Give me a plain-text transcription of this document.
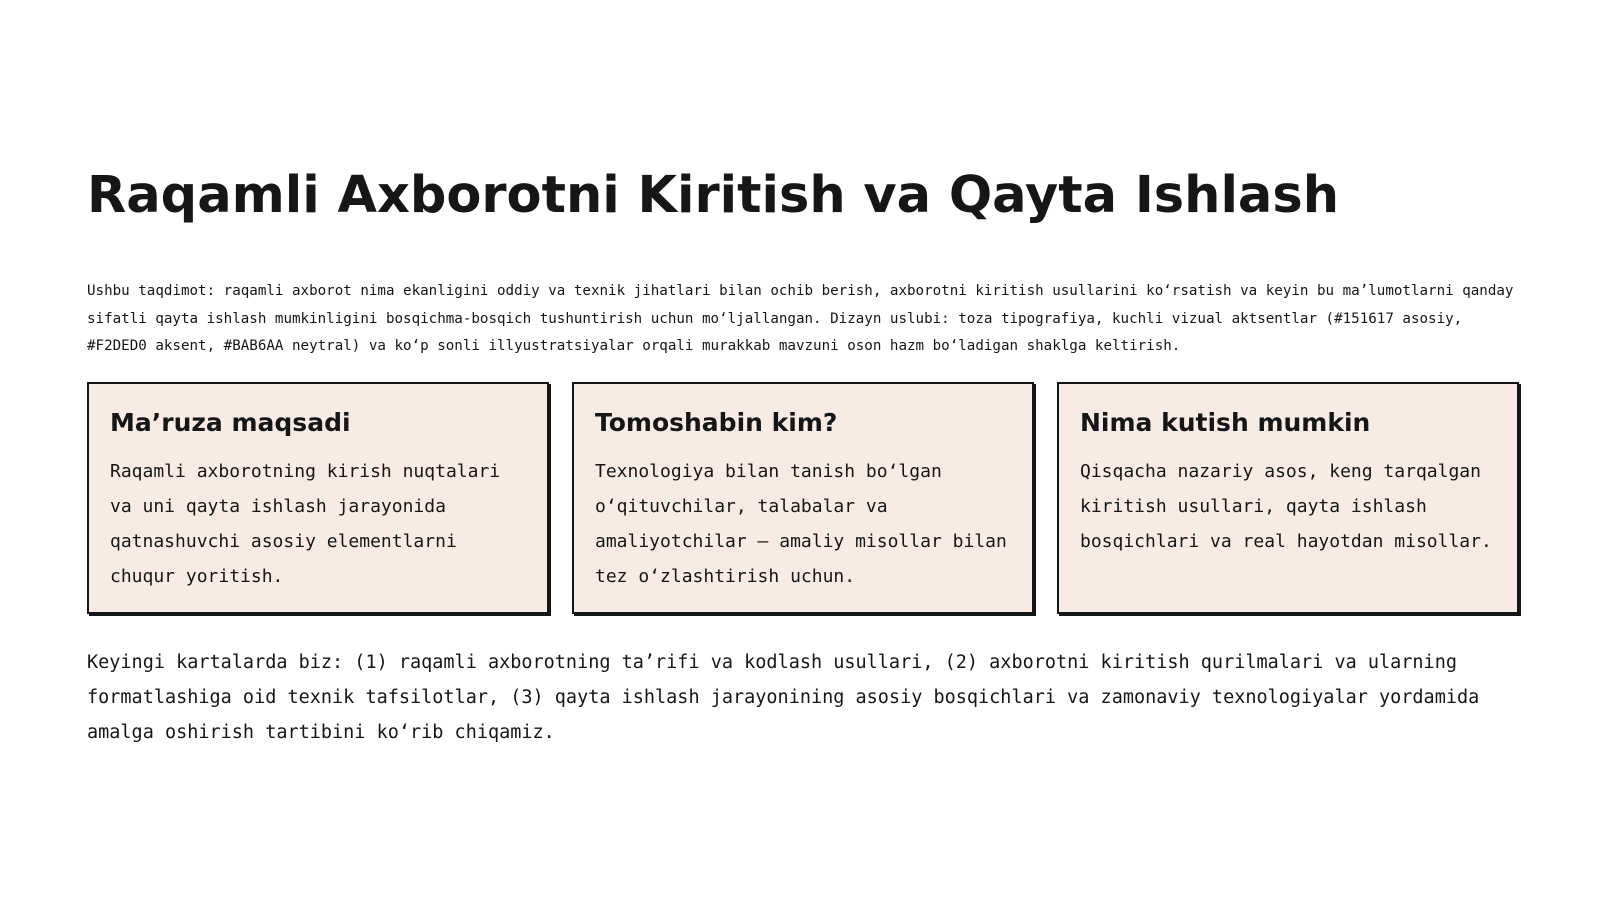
Raqamli Axborotni Kiritish va Qayta Ishlash

Ushbu taqdimot: raqamli axborot nima ekanligini oddiy va texnik jihatlari bilan ochib berish, axborotni kiritish usullarini ko‘rsatish va keyin bu ma’lumotlarni qanday sifatli qayta ishlash mumkinligini bosqichma-bosqich tushuntirish uchun mo‘ljallangan. Dizayn uslubi: toza tipografiya, kuchli vizual aktsentlar (#151617 asosiy, #F2DED0 aksent, #BAB6AA neytral) va ko‘p sonli illyustratsiyalar orqali murakkab mavzuni oson hazm bo‘ladigan shaklga keltirish.

Ma’ruza maqsadi

Raqamli axborotning kirish nuqtalari va uni qayta ishlash jarayonida qatnashuvchi asosiy elementlarni chuqur yoritish.

Tomoshabin kim?

Texnologiya bilan tanish bo‘lgan o‘qituvchilar, talabalar va amaliyotchilar — amaliy misollar bilan tez o‘zlashtirish uchun.

Nima kutish mumkin

Qisqacha nazariy asos, keng tarqalgan kiritish usullari, qayta ishlash bosqichlari va real hayotdan misollar.

Keyingi kartalarda biz: (1) raqamli axborotning ta’rifi va kodlash usullari, (2) axborotni kiritish qurilmalari va ularning formatlashiga oid texnik tafsilotlar, (3) qayta ishlash jarayonining asosiy bosqichlari va zamonaviy texnologiyalar yordamida amalga oshirish tartibini ko‘rib chiqamiz.
